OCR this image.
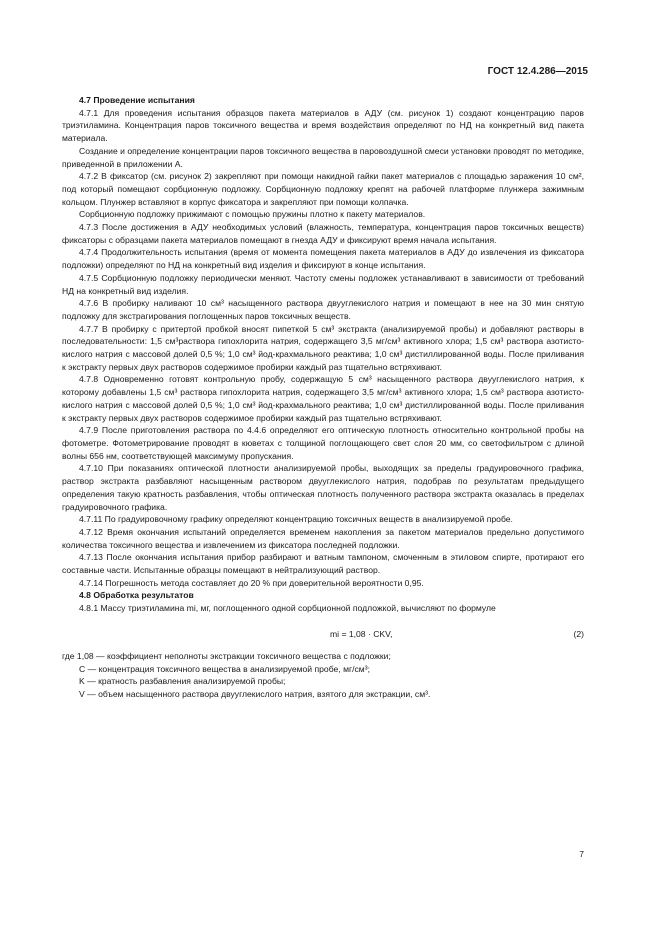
ГОСТ 12.4.286—2015
4.7 Проведение испытания

4.7.1 Для проведения испытания образцов пакета материалов в АДУ (см. рисунок 1) создают концентрацию паров триэтиламина. Концентрация паров токсичного вещества и время воздействия определяют по НД на конкретный вид пакета материала.

Создание и определение концентрации паров токсичного вещества в паровоздушной смеси установки проводят по методике, приведенной в приложении А.

4.7.2 В фиксатор (см. рисунок 2) закрепляют при помощи накидной гайки пакет материалов с площадью заражения 10 см², под который помещают сорбционную подложку. Сорбционную подложку крепят на рабочей платформе плунжера зажимным кольцом. Плунжер вставляют в корпус фиксатора и закрепляют при помощи колпачка.

Сорбционную подложку прижимают с помощью пружины плотно к пакету материалов.

4.7.3 После достижения в АДУ необходимых условий (влажность, температура, концентрация паров токсичных веществ) фиксаторы с образцами пакета материалов помещают в гнезда АДУ и фиксируют время начала испытания.

4.7.4 Продолжительность испытания (время от момента помещения пакета материалов в АДУ до извлечения из фиксатора подложки) определяют по НД на конкретный вид изделия и фиксируют в конце испытания.

4.7.5 Сорбционную подложку периодически меняют. Частоту смены подложек устанавливают в зависимости от требований НД на конкретный вид изделия.

4.7.6 В пробирку наливают 10 см³ насыщенного раствора двууглекислого натрия и помещают в нее на 30 мин снятую подложку для экстрагирования поглощенных паров токсичных веществ.

4.7.7 В пробирку с притертой пробкой вносят пипеткой 5 см³ экстракта (анализируемой пробы) и добавляют растворы в последовательности: 1,5 см³раствора гипохлорита натрия, содержащего 3,5 мг/см³ активного хлора; 1,5 см³ раствора азотисто-кислого натрия с массовой долей 0,5 %; 1,0 см³ йод-крахмального реактива; 1,0 см³ дистиллированной воды. После приливания к экстракту первых двух растворов содержимое пробирки каждый раз тщательно встряхивают.

4.7.8 Одновременно готовят контрольную пробу, содержащую 5 см³ насыщенного раствора двууглекислого натрия, к которому добавлены 1,5 см³ раствора гипохлорита натрия, содержащего 3,5 мг/см³ активного хлора; 1,5 см³ раствора азотисто-кислого натрия с массовой долей 0,5 %; 1,0 см³ йод-крахмального реактива; 1,0 см³ дистиллированной воды. После приливания к экстракту первых двух растворов содержимое пробирки каждый раз тщательно встряхивают.

4.7.9 После приготовления раствора по 4.4.6 определяют его оптическую плотность относительно контрольной пробы на фотометре. Фотометрирование проводят в кюветах с толщиной поглощающего свет слоя 20 мм, со светофильтром с длиной волны 656 нм, соответствующей максимуму пропускания.

4.7.10 При показаниях оптической плотности анализируемой пробы, выходящих за пределы градуировочного графика, раствор экстракта разбавляют насыщенным раствором двууглекислого натрия, подобрав по результатам предыдущего определения такую кратность разбавления, чтобы оптическая плотность полученного раствора экстракта оказалась в пределах градуировочного графика.

4.7.11 По градуировочному графику определяют концентрацию токсичных веществ в анализируемой пробе.

4.7.12 Время окончания испытаний определяется временем накопления за пакетом материалов предельно допустимого количества токсичного вещества и извлечением из фиксатора последней подложки.

4.7.13 После окончания испытания прибор разбирают и ватным тампоном, смоченным в этиловом спирте, протирают его составные части. Испытанные образцы помещают в нейтрализующий раствор.

4.7.14 Погрешность метода составляет до 20 % при доверительной вероятности 0,95.

4.8 Обработка результатов

4.8.1 Массу триэтиламина mi, мг, поглощенного одной сорбционной подложкой, вычисляют по формуле

mi = 1,08 · CKV,	(2)
где 1,08 — коэффициент неполноты экстракции токсичного вещества с подложки;
C — концентрация токсичного вещества в анализируемой пробе, мг/см³;
K — кратность разбавления анализируемой пробы;
V — объем насыщенного раствора двууглекислого натрия, взятого для экстракции, см³.
7
